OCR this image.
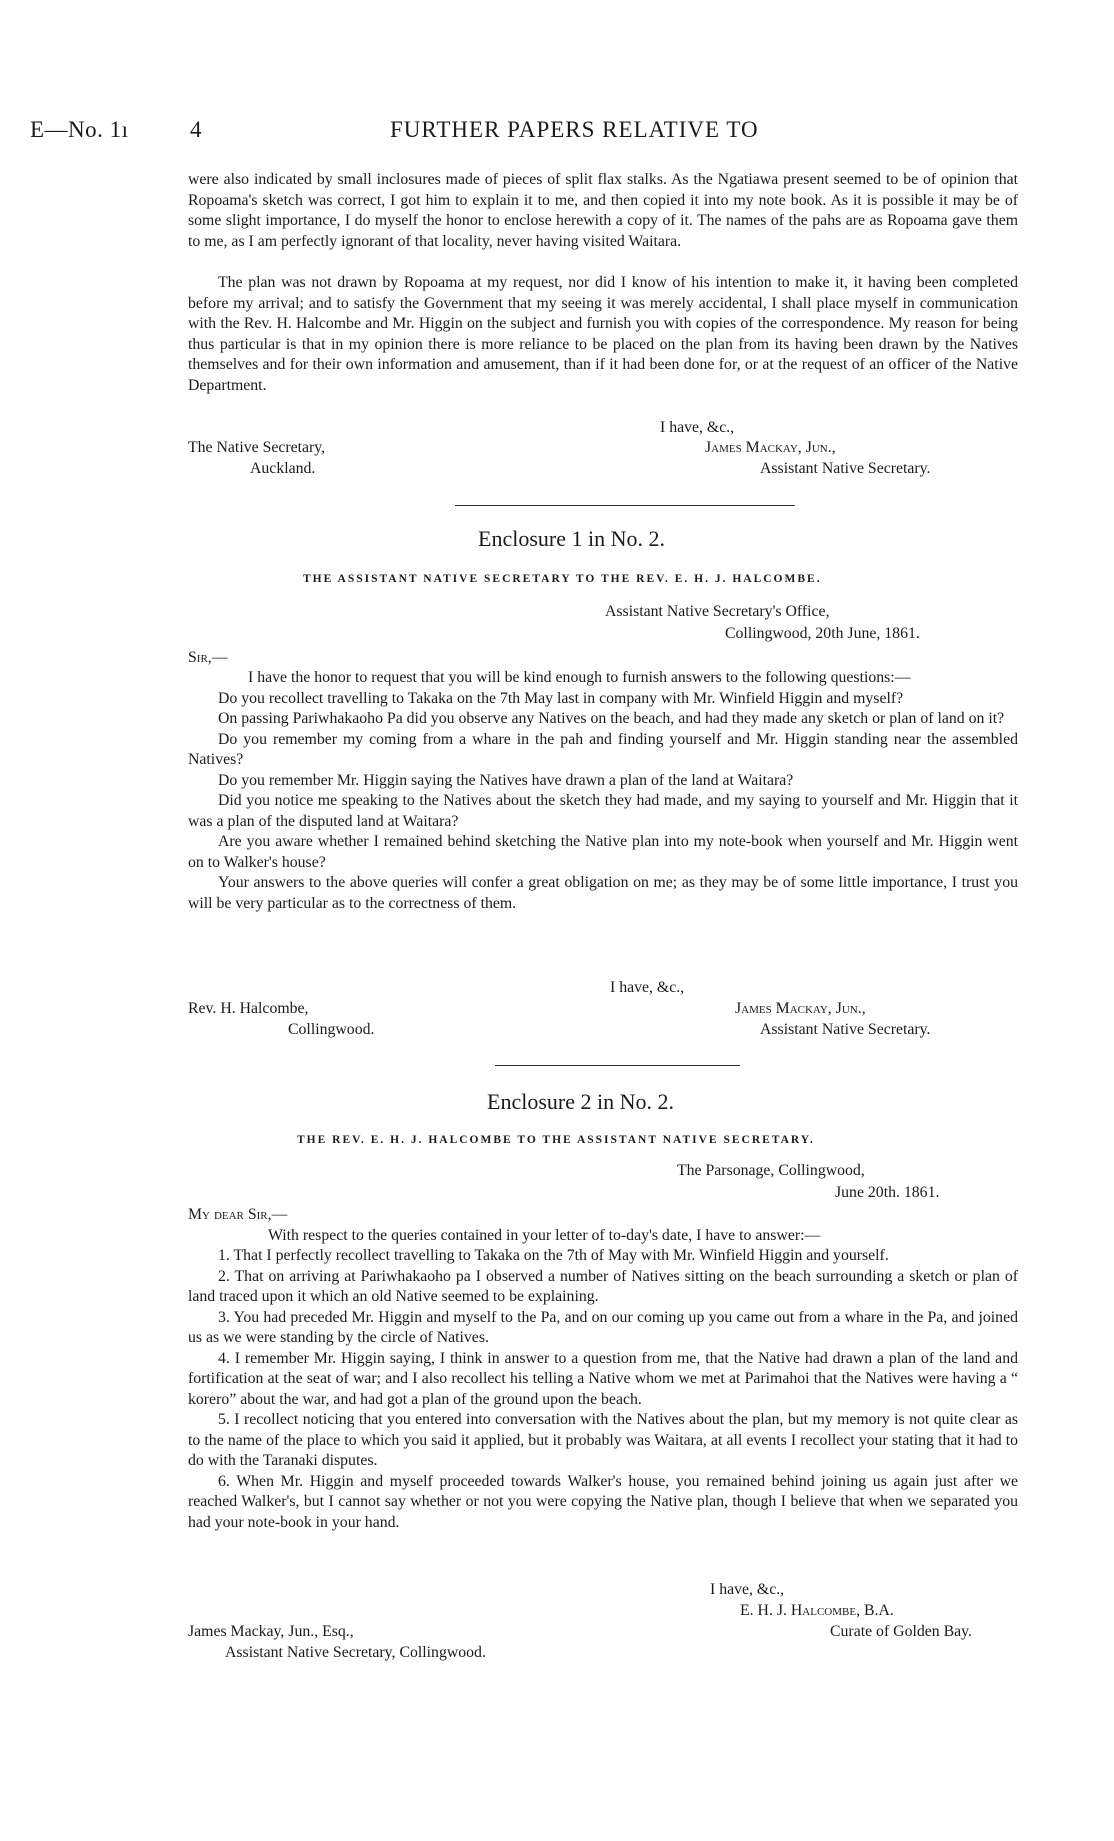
E—No. 1ı	4	FURTHER PAPERS RELATIVE TO

were also indicated by small inclosures made of pieces of split flax stalks. As the Ngatiawa present seemed to be of opinion that Ropoama's sketch was correct, I got him to explain it to me, and then copied it into my note book. As it is possible it may be of some slight importance, I do myself the honor to enclose herewith a copy of it. The names of the pahs are as Ropoama gave them to me, as I am perfectly ignorant of that locality, never having visited Waitara.

The plan was not drawn by Ropoama at my request, nor did I know of his intention to make it, it having been completed before my arrival; and to satisfy the Government that my seeing it was merely accidental, I shall place myself in communication with the Rev. H. Halcombe and Mr. Higgin on the subject and furnish you with copies of the correspondence. My reason for being thus particular is that in my opinion there is more reliance to be placed on the plan from its having been drawn by the Natives themselves and for their own information and amusement, than if it had been done for, or at the request of an officer of the Native Department.

I have, &c.,
The Native Secretary,
Auckland.
James Mackay, Jun.,
Assistant Native Secretary.
Enclosure 1 in No. 2.
THE ASSISTANT NATIVE SECRETARY TO THE REV. E. H. J. HALCOMBE.
Assistant Native Secretary's Office,
Collingwood, 20th June, 1861.
Sir,—

I have the honor to request that you will be kind enough to furnish answers to the following questions:—

Do you recollect travelling to Takaka on the 7th May last in company with Mr. Winfield Higgin and myself?

On passing Pariwhakaoho Pa did you observe any Natives on the beach, and had they made any sketch or plan of land on it?

Do you remember my coming from a whare in the pah and finding yourself and Mr. Higgin standing near the assembled Natives?

Do you remember Mr. Higgin saying the Natives have drawn a plan of the land at Waitara?

Did you notice me speaking to the Natives about the sketch they had made, and my saying to yourself and Mr. Higgin that it was a plan of the disputed land at Waitara?

Are you aware whether I remained behind sketching the Native plan into my note-book when yourself and Mr. Higgin went on to Walker's house?

Your answers to the above queries will confer a great obligation on me; as they may be of some little importance, I trust you will be very particular as to the correctness of them.

I have, &c.,
Rev. H. Halcombe,
Collingwood.
James Mackay, Jun.,
Assistant Native Secretary.
Enclosure 2 in No. 2.
THE REV. E. H. J. HALCOMBE TO THE ASSISTANT NATIVE SECRETARY.
The Parsonage, Collingwood,
June 20th. 1861.
My dear Sir,—
With respect to the queries contained in your letter of to-day's date, I have to answer:—

1. That I perfectly recollect travelling to Takaka on the 7th of May with Mr. Winfield Higgin and yourself.

2. That on arriving at Pariwhakaoho pa I observed a number of Natives sitting on the beach surrounding a sketch or plan of land traced upon it which an old Native seemed to be explaining.

3. You had preceded Mr. Higgin and myself to the Pa, and on our coming up you came out from a whare in the Pa, and joined us as we were standing by the circle of Natives.

4. I remember Mr. Higgin saying, I think in answer to a question from me, that the Native had drawn a plan of the land and fortification at the seat of war; and I also recollect his telling a Native whom we met at Parimahoi that the Natives were having a “ korero” about the war, and had got a plan of the ground upon the beach.

5. I recollect noticing that you entered into conversation with the Natives about the plan, but my memory is not quite clear as to the name of the place to which you said it applied, but it probably was Waitara, at all events I recollect your stating that it had to do with the Taranaki disputes.

6. When Mr. Higgin and myself proceeded towards Walker's house, you remained behind joining us again just after we reached Walker's, but I cannot say whether or not you were copying the Native plan, though I believe that when we separated you had your note-book in your hand.

I have, &c.,
E. H. J. Halcombe, B.A.
Curate of Golden Bay.
James Mackay, Jun., Esq.,
Assistant Native Secretary, Collingwood.
